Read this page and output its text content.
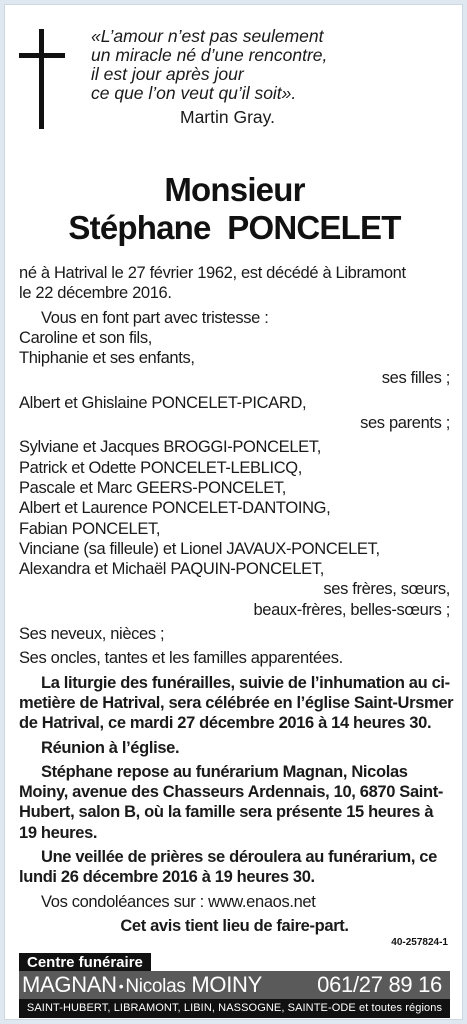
«L’amour n’est pas seulement
un miracle né d’une rencontre,
il est jour après jour
ce que l’on veut qu’il soit».
Martin Gray.
Monsieur
Stéphane  PONCELET
né à Hatrival le 27 février 1962, est décédé à Libramont
le 22 décembre 2016.
Vous en font part avec tristesse :
Caroline et son fils,
Thiphanie et ses enfants,
ses filles ;
Albert et Ghislaine PONCELET-PICARD,
ses parents ;
Sylviane et Jacques BROGGI-PONCELET,
Patrick et Odette PONCELET-LEBLICQ,
Pascale et Marc GEERS-PONCELET,
Albert et Laurence PONCELET-DANTOING,
Fabian PONCELET,
Vinciane (sa filleule) et Lionel JAVAUX-PONCELET,
Alexandra et Michaël PAQUIN-PONCELET,
ses frères, sœurs,
beaux-frères, belles-sœurs ;
Ses neveux, nièces ;
Ses oncles, tantes et les familles apparentées.
La liturgie des funérailles, suivie de l’inhumation au ci-
metière de Hatrival, sera célébrée en l’église Saint-Ursmer
de Hatrival, ce mardi 27 décembre 2016 à 14 heures 30.
Réunion à l’église.
Stéphane repose au funérarium Magnan, Nicolas
Moiny, avenue des Chasseurs Ardennais, 10, 6870 Saint-
Hubert, salon B, où la famille sera présente 15 heures à
19 heures.
Une veillée de prières se déroulera au funérarium, ce
lundi 26 décembre 2016 à 19 heures 30.
Vos condoléances sur : www.enaos.net
Cet avis tient lieu de faire-part.
40-257824-1
Centre funéraire
MAGNAN • Nicolas MOINY	061/27 89 16
SAINT-HUBERT, LIBRAMONT, LIBIN, NASSOGNE, SAINTE-ODE et toutes régions
